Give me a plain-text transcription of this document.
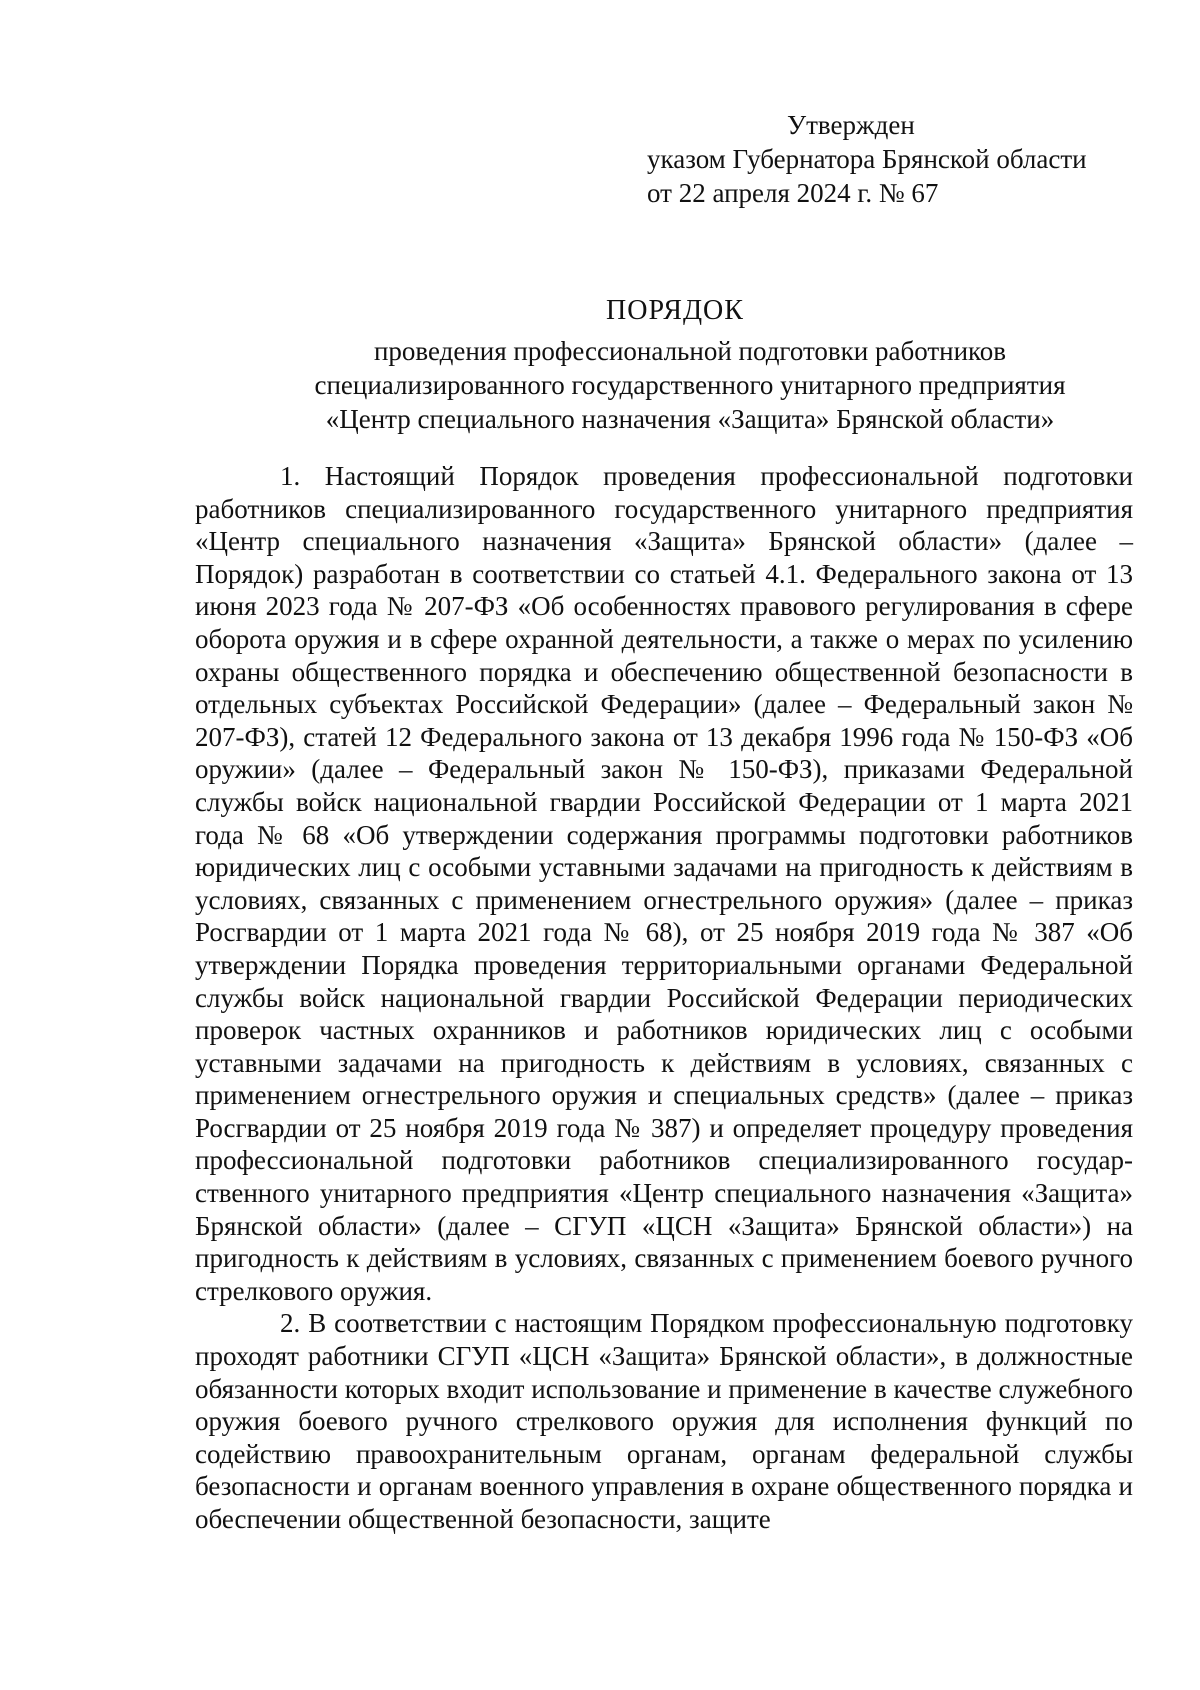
Утвержден
указом Губернатора Брянской области
от 22 апреля 2024 г. № 67
ПОРЯДОК
проведения профессиональной подготовки работников
специализированного государственного унитарного предприятия
«Центр специального назначения «Защита» Брянской области»

1. Настоящий Порядок проведения профессиональной подготовки работников специализированного государственного унитарного предприятия «Центр специального назначения «Защита» Брянской области» (далее – Порядок) разработан в соответствии со статьей 4.1. Федерального закона от 13 июня 2023 года № 207-ФЗ «Об особенностях правового регулирования в сфере оборота оружия и в сфере охранной деятельности, а также о мерах по усилению охраны общественного порядка и обеспечению общественной безопасности в отдельных субъектах Российской Федерации» (далее – Федеральный закон № 207-ФЗ), статей 12 Федерального закона от 13 декабря 1996 года № 150-ФЗ «Об оружии» (далее – Федеральный закон № 150-ФЗ), приказами Федеральной службы войск национальной гвардии Российской Федерации от 1 марта 2021 года № 68 «Об утверждении содержания программы подготовки работников юридических лиц с особыми уставными задачами на пригодность к действиям в условиях, связанных с применением огнестрельного оружия» (далее – приказ Росгвардии от 1 марта 2021 года № 68), от 25 ноября 2019 года № 387 «Об утверждении Порядка проведения территориальными органами Федеральной службы войск национальной гвардии Российской Федерации периодических проверок частных охранников и работников юридических лиц с особыми уставными задачами на пригодность к действиям в условиях, связанных с применением огнестрельного оружия и специальных средств» (далее – приказ Росгвардии от 25 ноября 2019 года № 387) и определяет процедуру проведения профессиональной подготовки работников специализированного государственного унитарного предприятия «Центр специального назначения «Защита» Брянской области» (далее – СГУП «ЦСН «Защита» Брянской области») на пригодность к действиям в условиях, связанных с применением боевого ручного стрелкового оружия.

2. В соответствии с настоящим Порядком профессиональную подготовку проходят работники СГУП «ЦСН «Защита» Брянской области», в должностные обязанности которых входит использование и применение в качестве служебного оружия боевого ручного стрелкового оружия для исполнения функций по содействию правоохранительным органам, органам федеральной службы безопасности и органам военного управления в охране общественного порядка и обеспечении общественной безопасности, защите
